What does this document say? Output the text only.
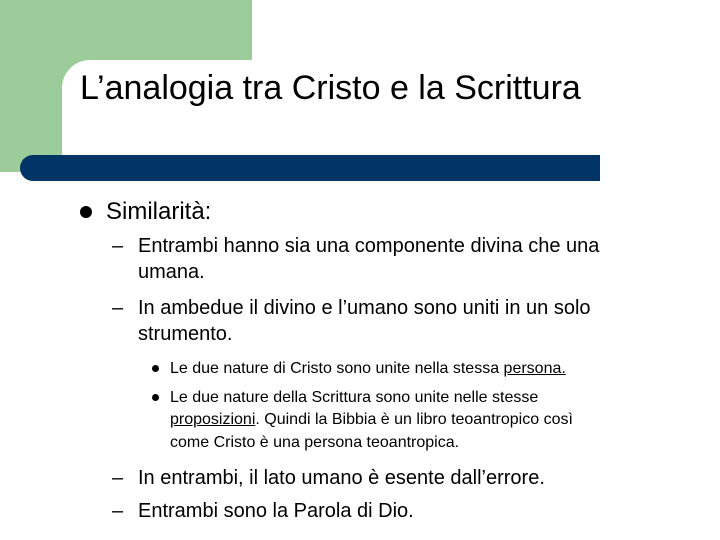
L’analogia tra Cristo e la Scrittura
Similarità:
– Entrambi hanno sia una componente divina che una
umana.
– In ambedue il divino e l’umano sono uniti in un solo
strumento.
Le due nature di Cristo sono unite nella stessa persona.
Le due nature della Scrittura sono unite nelle stesse
proposizioni. Quindi la Bibbia è un libro teoantropico così
come Cristo è una persona teoantropica.
– In entrambi, il lato umano è esente dall’errore.
– Entrambi sono la Parola di Dio.
